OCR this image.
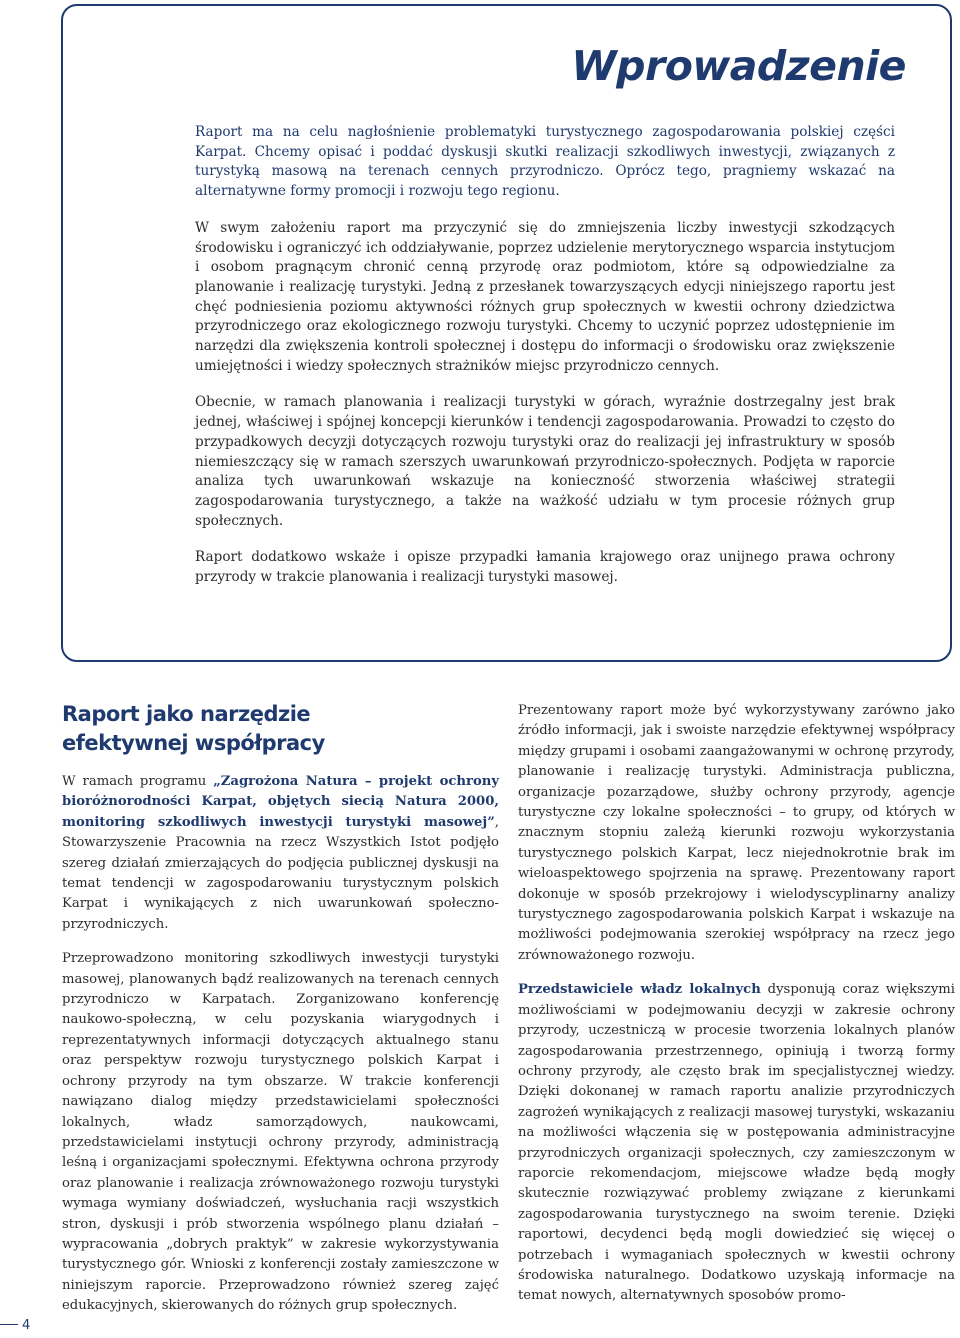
Wprowadzenie

Raport ma na celu nagłośnienie problematyki turystycznego zagospodarowania polskiej części Karpat. Chcemy opisać i poddać dyskusji skutki realizacji szkodliwych inwestycji, związanych z turystyką masową na terenach cennych przyrodniczo. Oprócz tego, pragniemy wskazać na alternatywne formy promocji i rozwoju tego regionu.

W swym założeniu raport ma przyczynić się do zmniejszenia liczby inwestycji szkodzących środowisku i ograniczyć ich oddziaływanie, poprzez udzielenie merytorycznego wsparcia instytucjom i osobom pragnącym chronić cenną przyrodę oraz podmiotom, które są odpowiedzialne za planowanie i realizację turystyki. Jedną z przesłanek towarzyszących edycji niniejszego raportu jest chęć podniesienia poziomu aktywności różnych grup społecznych w kwestii ochrony dziedzictwa przyrodniczego oraz ekologicznego rozwoju turystyki. Chcemy to uczynić poprzez udostępnienie im narzędzi dla zwiększenia kontroli społecznej i dostępu do informacji o środowisku oraz zwiększenie umiejętności i wiedzy społecznych strażników miejsc przyrodniczo cennych.

Obecnie, w ramach planowania i realizacji turystyki w górach, wyraźnie dostrzegalny jest brak jednej, właściwej i spójnej koncepcji kierunków i tendencji zagospodarowania. Prowadzi to często do przypadkowych decyzji dotyczących rozwoju turystyki oraz do realizacji jej infrastruktury w sposób niemieszczący się w ramach szerszych uwarunkowań przyrodniczo-społecznych. Podjęta w raporcie analiza tych uwarunkowań wskazuje na konieczność stworzenia właściwej strategii zagospodarowania turystycznego, a także na ważkość udziału w tym procesie różnych grup społecznych.

Raport dodatkowo wskaże i opisze przypadki łamania krajowego oraz unijnego prawa ochrony przyrody w trakcie planowania i realizacji turystyki masowej.

Raport jako narzędzie
efektywnej współpracy

W ramach programu „Zagrożona Natura – projekt ochrony bioróżnorodności Karpat, objętych siecią Natura 2000, monitoring szkodliwych inwestycji turystyki masowej”, Stowarzyszenie Pracownia na rzecz Wszystkich Istot podjęło szereg działań zmierzających do podjęcia publicznej dyskusji na temat tendencji w zagospodarowaniu turystycznym polskich Karpat i wynikających z nich uwarunkowań społeczno-przyrodniczych.

Przeprowadzono monitoring szkodliwych inwestycji turystyki masowej, planowanych bądź realizowanych na terenach cennych przyrodniczo w Karpatach. Zorganizowano konferencję naukowo-społeczną, w celu pozyskania wiarygodnych i reprezentatywnych informacji dotyczących aktualnego stanu oraz perspektyw rozwoju turystycznego polskich Karpat i ochrony przyrody na tym obszarze. W trakcie konferencji nawiązano dialog między przedstawicielami społeczności lokalnych, władz samorządowych, naukowcami, przedstawicielami instytucji ochrony przyrody, administracją leśną i organizacjami społecznymi. Efektywna ochrona przyrody oraz planowanie i realizacja zrównoważonego rozwoju turystyki wymaga wymiany doświadczeń, wysłuchania racji wszystkich stron, dyskusji i prób stworzenia wspólnego planu działań – wypracowania „dobrych praktyk” w zakresie wykorzystywania turystycznego gór. Wnioski z konferencji zostały zamieszczone w niniejszym raporcie. Przeprowadzono również szereg zajęć edukacyjnych, skierowanych do różnych grup społecznych.

Prezentowany raport może być wykorzystywany zarówno jako źródło informacji, jak i swoiste narzędzie efektywnej współpracy między grupami i osobami zaangażowanymi w ochronę przyrody, planowanie i realizację turystyki. Administracja publiczna, organizacje pozarządowe, służby ochrony przyrody, agencje turystyczne czy lokalne społeczności – to grupy, od których w znacznym stopniu zależą kierunki rozwoju wykorzystania turystycznego polskich Karpat, lecz niejednokrotnie brak im wieloaspektowego spojrzenia na sprawę. Prezentowany raport dokonuje w sposób przekrojowy i wielodyscyplinarny analizy turystycznego zagospodarowania polskich Karpat i wskazuje na możliwości podejmowania szerokiej współpracy na rzecz jego zrównoważonego rozwoju.

Przedstawiciele władz lokalnych dysponują coraz większymi możliwościami w podejmowaniu decyzji w zakresie ochrony przyrody, uczestniczą w procesie tworzenia lokalnych planów zagospodarowania przestrzennego, opiniują i tworzą formy ochrony przyrody, ale często brak im specjalistycznej wiedzy. Dzięki dokonanej w ramach raportu analizie przyrodniczych zagrożeń wynikających z realizacji masowej turystyki, wskazaniu na możliwości włączenia się w postępowania administracyjne przyrodniczych organizacji społecznych, czy zamieszczonym w raporcie rekomendacjom, miejscowe władze będą mogły skutecznie rozwiązywać problemy związane z kierunkami zagospodarowania turystycznego na swoim terenie. Dzięki raportowi, decydenci będą mogli dowiedzieć się więcej o potrzebach i wymaganiach społecznych w kwestii ochrony środowiska naturalnego. Dodatkowo uzyskają informacje na temat nowych, alternatywnych sposobów promo-

4
